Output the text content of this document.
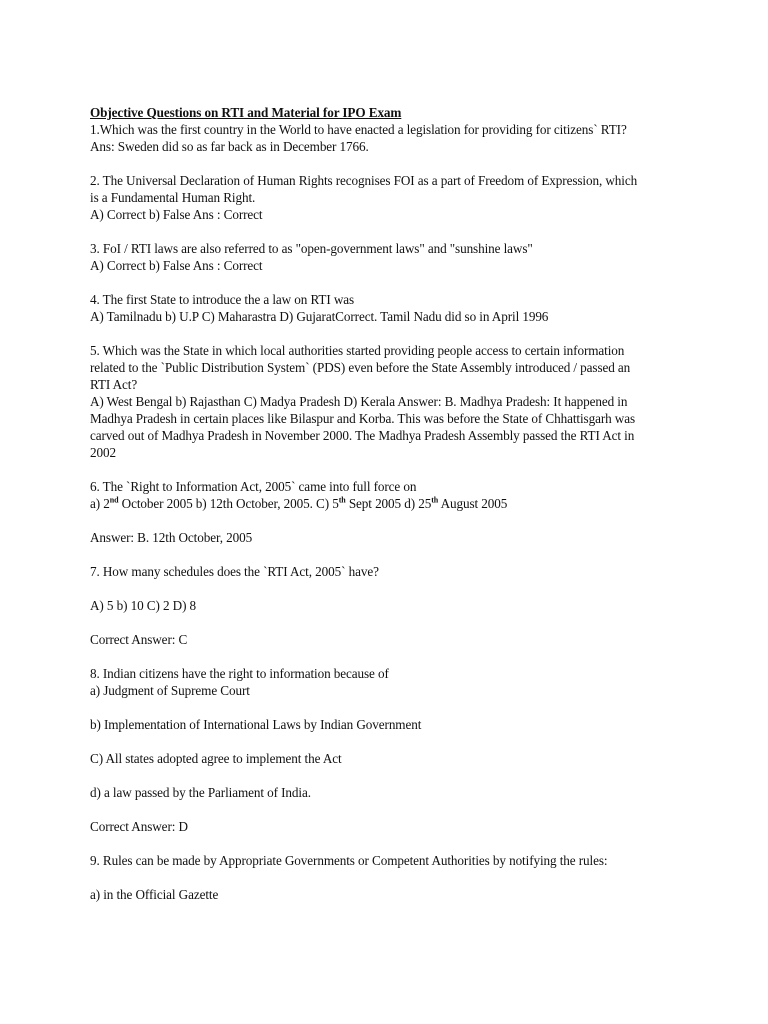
Objective Questions on RTI and Material for IPO Exam

1.Which was the first country in the World to have enacted a legislation for providing for citizens` RTI?

Ans: Sweden did so as far back as in December 1766.

2. The Universal Declaration of Human Rights recognises FOI as a part of Freedom of Expression, which

is a Fundamental Human Right.

A) Correct b) False Ans : Correct

3. FoI / RTI laws are also referred to as "open-government laws" and "sunshine laws"

A) Correct b) False Ans : Correct

4. The first State to introduce the a law on RTI was

A) Tamilnadu b) U.P C) Maharastra D) GujaratCorrect. Tamil Nadu did so in April 1996

5. Which was the State in which local authorities started providing people access to certain information

related to the `Public Distribution System` (PDS) even before the State Assembly introduced / passed an

RTI Act?

A) West Bengal b) Rajasthan C) Madya Pradesh D) Kerala Answer: B. Madhya Pradesh: It happened in

Madhya Pradesh in certain places like Bilaspur and Korba. This was before the State of Chhattisgarh was

carved out of Madhya Pradesh in November 2000. The Madhya Pradesh Assembly passed the RTI Act in

2002

6. The `Right to Information Act, 2005` came into full force on

a) 2nd October 2005 b) 12th October, 2005. C) 5th Sept 2005 d) 25th August 2005

Answer: B. 12th October, 2005

7. How many schedules does the `RTI Act, 2005` have?

A) 5 b) 10 C) 2 D) 8

Correct Answer: C

8. Indian citizens have the right to information because of

a) Judgment of Supreme Court

b) Implementation of International Laws by Indian Government

C) All states adopted agree to implement the Act

d) a law passed by the Parliament of India.

Correct Answer: D

9. Rules can be made by Appropriate Governments or Competent Authorities by notifying the rules:

a) in the Official Gazette
